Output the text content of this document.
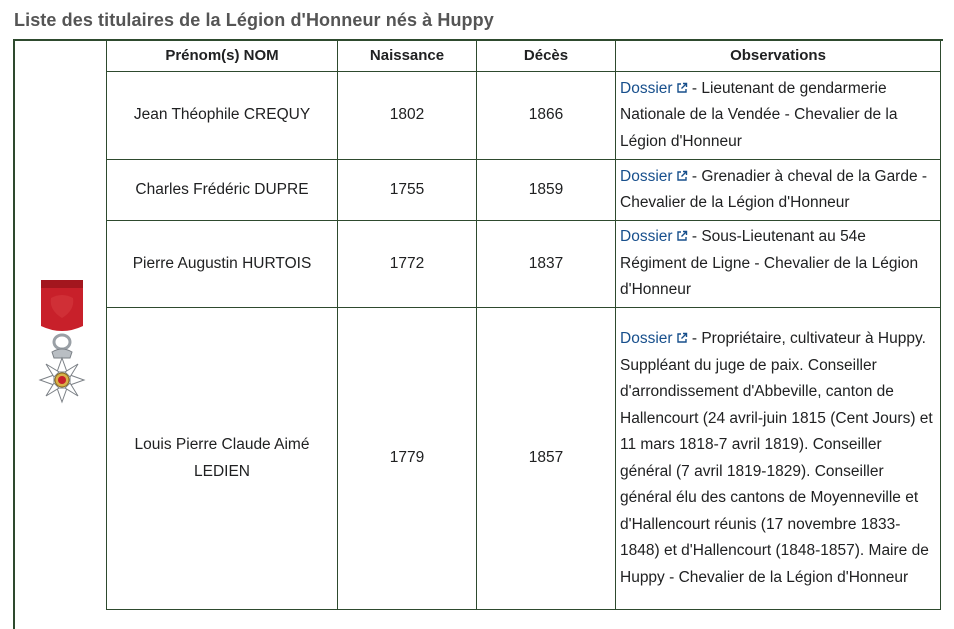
Liste des titulaires de la Légion d'Honneur nés à Huppy
Prénom(s) NOM	Naissance	Décès	Observations
Jean Théophile CREQUY	1802	1866	Dossier - Lieutenant de gendarmerie Nationale de la Vendée - Chevalier de la Légion d'Honneur
Charles Frédéric DUPRE	1755	1859	Dossier - Grenadier à cheval de la Garde - Chevalier de la Légion d'Honneur
Pierre Augustin HURTOIS	1772	1837	Dossier - Sous-Lieutenant au 54e Régiment de Ligne - Chevalier de la Légion d'Honneur
Louis Pierre Claude Aimé LEDIEN	1779	1857	Dossier - Propriétaire, cultivateur à Huppy. Suppléant du juge de paix. Conseiller d'arrondissement d'Abbeville, canton de Hallencourt (24 avril-juin 1815 (Cent Jours) et 11 mars 1818-7 avril 1819). Conseiller général (7 avril 1819-1829). Conseiller général élu des cantons de Moyenneville et d'Hallencourt réunis (17 novembre 1833-1848) et d'Hallencourt (1848-1857). Maire de Huppy - Chevalier de la Légion d'Honneur
